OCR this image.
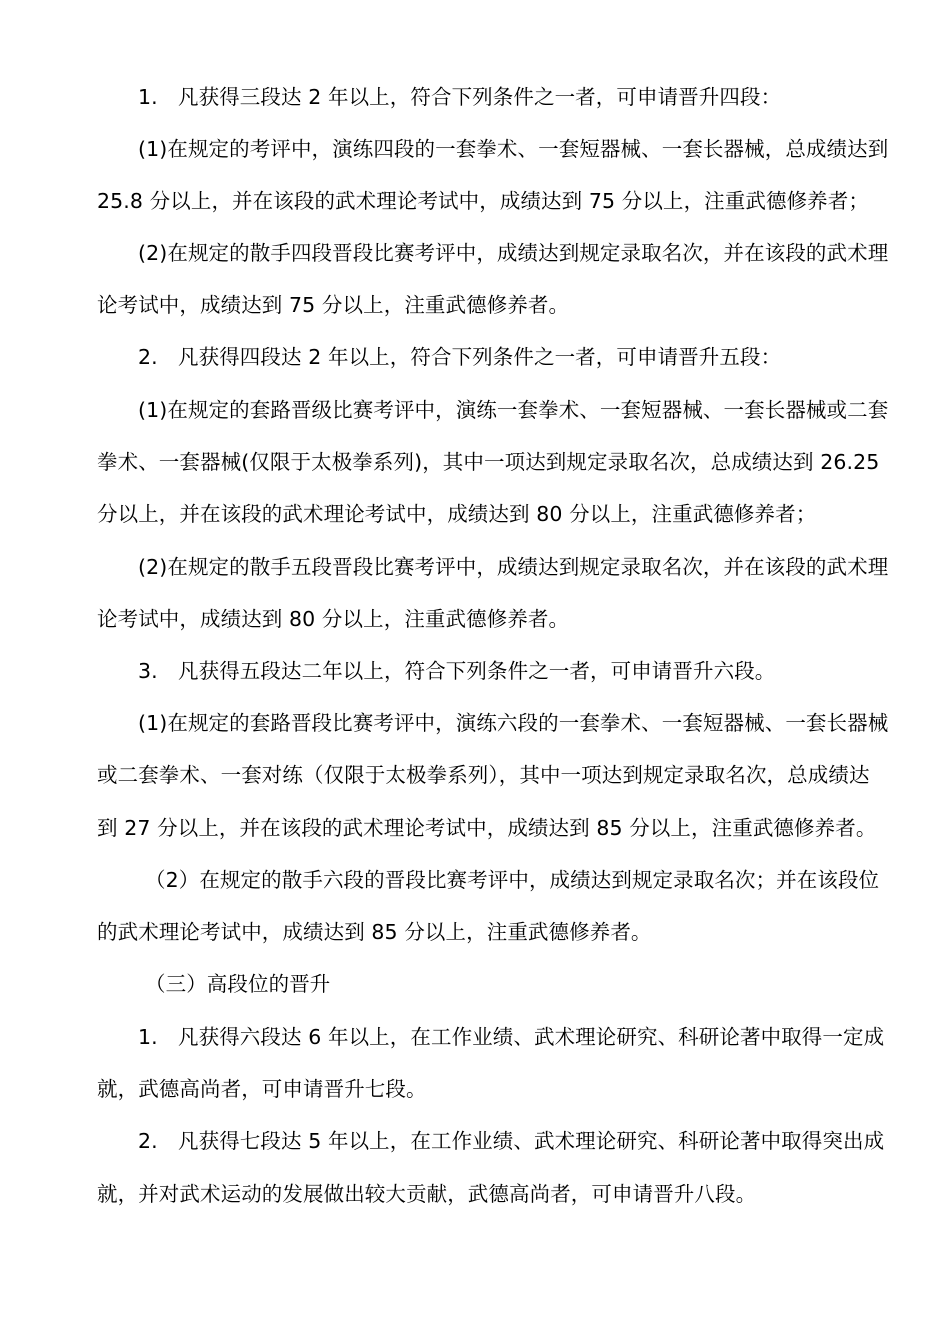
1. 凡获得三段达 2 年以上，符合下列条件之一者，可申请晋升四段：
(1)在规定的考评中，演练四段的一套拳术、一套短器械、一套长器械，总成绩达到
25.8 分以上，并在该段的武术理论考试中，成绩达到 75 分以上，注重武德修养者；
(2)在规定的散手四段晋段比赛考评中，成绩达到规定录取名次，并在该段的武术理
论考试中，成绩达到 75 分以上，注重武德修养者。
2. 凡获得四段达 2 年以上，符合下列条件之一者，可申请晋升五段：
(1)在规定的套路晋级比赛考评中，演练一套拳术、一套短器械、一套长器械或二套
拳术、一套器械(仅限于太极拳系列)，其中一项达到规定录取名次，总成绩达到 26.25
分以上，并在该段的武术理论考试中，成绩达到 80 分以上，注重武德修养者；
(2)在规定的散手五段晋段比赛考评中，成绩达到规定录取名次，并在该段的武术理
论考试中，成绩达到 80 分以上，注重武德修养者。
3. 凡获得五段达二年以上，符合下列条件之一者，可申请晋升六段。
(1)在规定的套路晋段比赛考评中，演练六段的一套拳术、一套短器械、一套长器械
或二套拳术、一套对练（仅限于太极拳系列），其中一项达到规定录取名次，总成绩达
到 27 分以上，并在该段的武术理论考试中，成绩达到 85 分以上，注重武德修养者。
（2）在规定的散手六段的晋段比赛考评中，成绩达到规定录取名次；并在该段位
的武术理论考试中，成绩达到 85 分以上，注重武德修养者。
（三）高段位的晋升
1. 凡获得六段达 6 年以上，在工作业绩、武术理论研究、科研论著中取得一定成
就，武德高尚者，可申请晋升七段。
2. 凡获得七段达 5 年以上，在工作业绩、武术理论研究、科研论著中取得突出成
就，并对武术运动的发展做出较大贡献，武德高尚者，可申请晋升八段。
